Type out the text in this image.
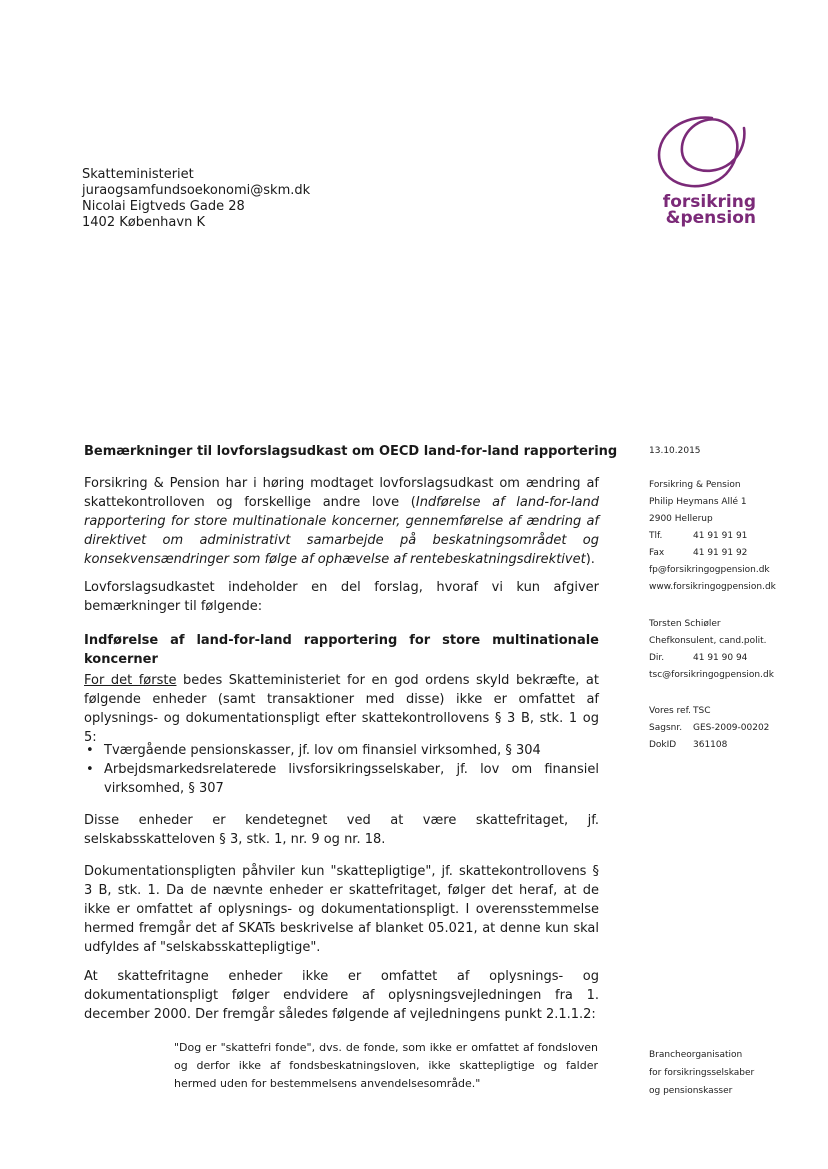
Skatteministeriet
juraogsamfundsoekonomi@skm.dk
Nicolai Eigtveds Gade 28
1402 København K
forsikring
&pension
Bemærkninger til lovforslagsudkast om OECD land-for-land rapportering

Forsikring & Pension har i høring modtaget lovforslagsudkast om ændring af skattekontrolloven og forskellige andre love (Indførelse af land-for-land rapportering for store multinationale koncerner, gennemførelse af ændring af direktivet om administrativt samarbejde på beskatningsområdet og konsekvensændringer som følge af ophævelse af rentebeskatningsdirektivet).

Lovforslagsudkastet indeholder en del forslag, hvoraf vi kun afgiver bemærkninger til følgende:

Indførelse af land-for-land rapportering for store multinationale koncerner

For det første bedes Skatteministeriet for en god ordens skyld bekræfte, at følgende enheder (samt transaktioner med disse) ikke er omfattet af oplysnings- og dokumentationspligt efter skattekontrollovens § 3 B, stk. 1 og 5:

• Tværgående pensionskasser, jf. lov om finansiel virksomhed, § 304
• Arbejdsmarkedsrelaterede livsforsikringsselskaber, jf. lov om finansiel virksomhed, § 307

Disse enheder er kendetegnet ved at være skattefritaget, jf. selskabsskatteloven § 3, stk. 1, nr. 9 og nr. 18.

Dokumentationspligten påhviler kun "skattepligtige", jf. skattekontrollovens § 3 B, stk. 1. Da de nævnte enheder er skattefritaget, følger det heraf, at de ikke er omfattet af oplysnings- og dokumentationspligt. I overensstemmelse hermed fremgår det af SKATs beskrivelse af blanket 05.021, at denne kun skal udfyldes af "selskabsskattepligtige".

At skattefritagne enheder ikke er omfattet af oplysnings- og dokumentationspligt følger endvidere af oplysningsvejledningen fra 1. december 2000. Der fremgår således følgende af vejledningens punkt 2.1.1.2:

"Dog er "skattefri fonde", dvs. de fonde, som ikke er omfattet af fondsloven og derfor ikke af fondsbeskatningsloven, ikke skattepligtige og falder hermed uden for bestemmelsens anvendelsesområde."
13.10.2015
Forsikring & Pension
Philip Heymans Allé 1
2900 Hellerup
Tlf.	41 91 91 91
Fax	41 91 91 92
fp@forsikringogpension.dk
www.forsikringogpension.dk
Torsten Schiøler
Chefkonsulent, cand.polit.
Dir.	41 91 90 94
tsc@forsikringogpension.dk
Vores ref. TSC
Sagsnr. GES-2009-00202
DokID 361108
Brancheorganisation
for forsikringsselskaber
og pensionskasser
